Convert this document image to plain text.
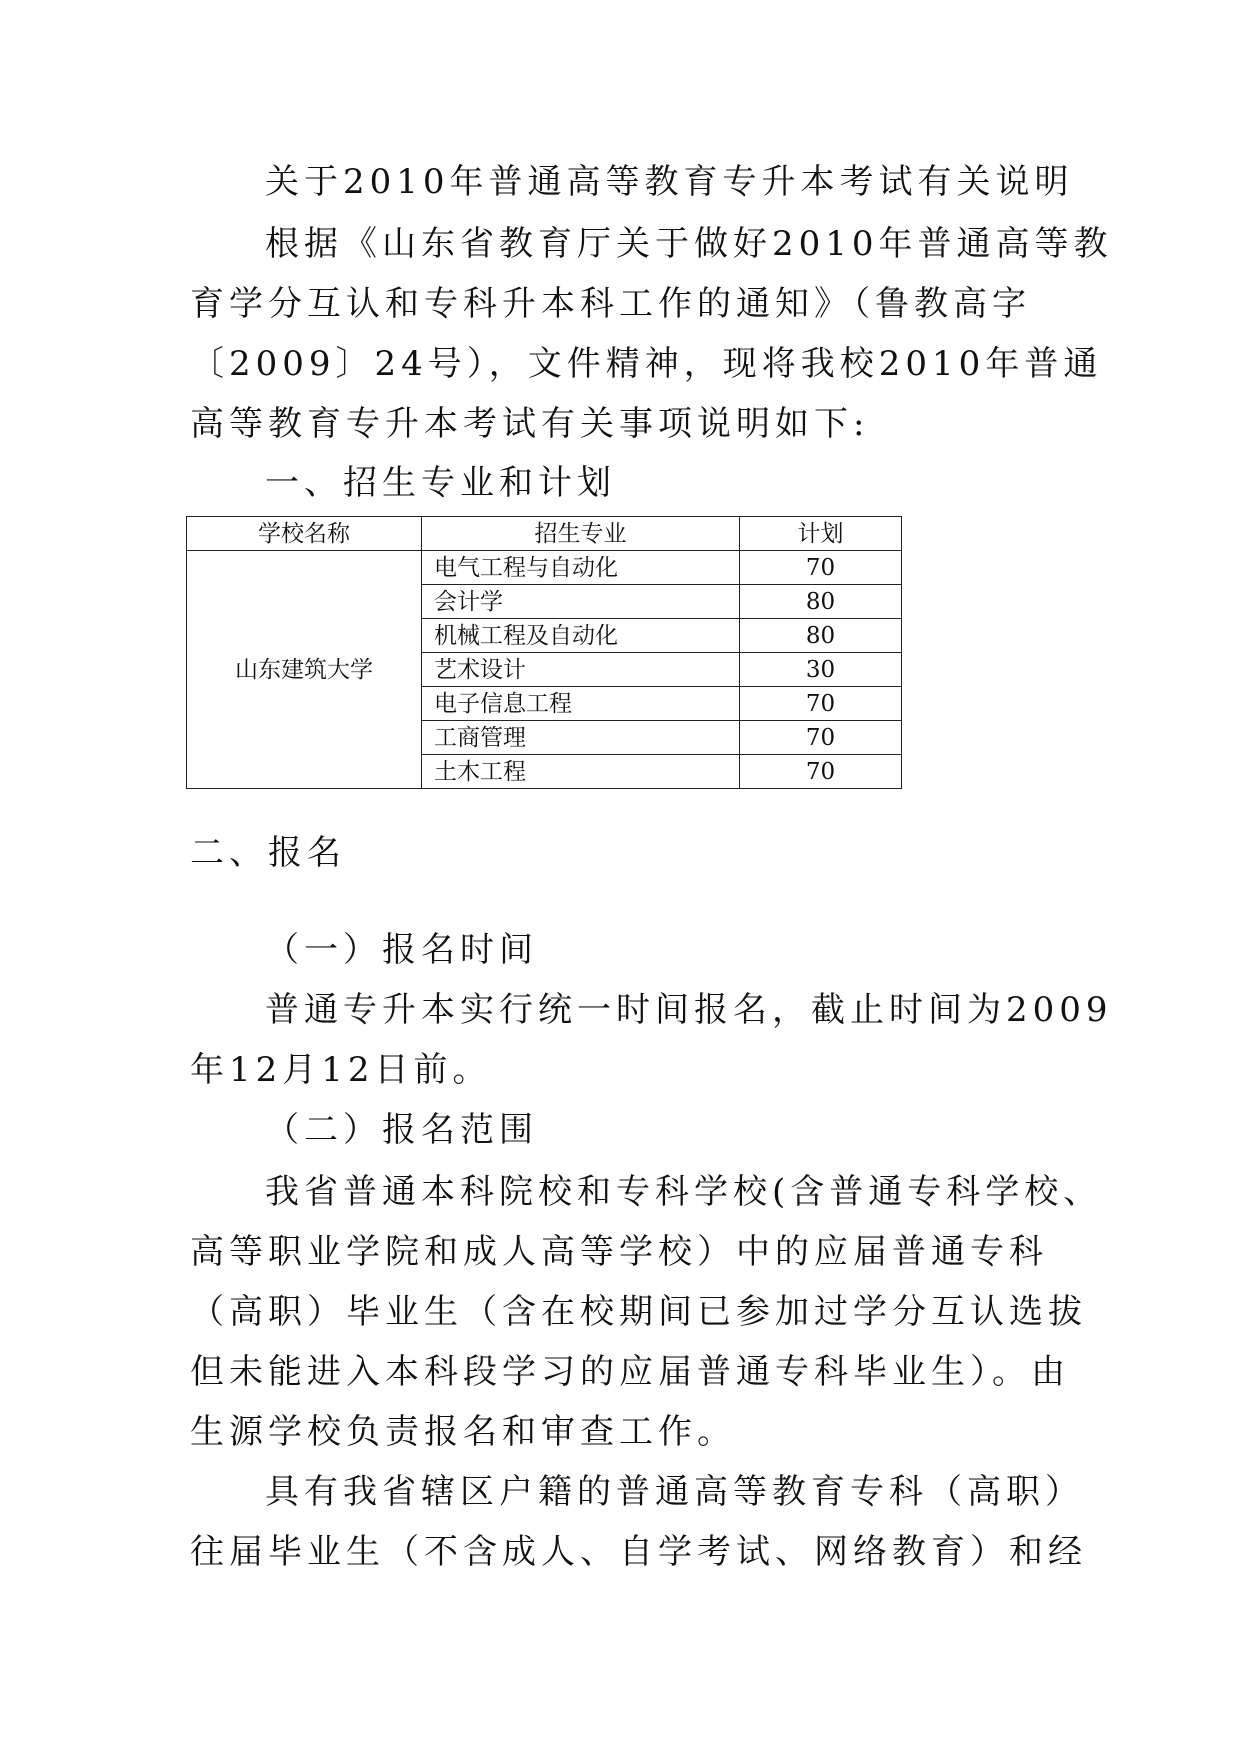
关于2010年普通高等教育专升本考试有关说明

根据《山东省教育厅关于做好2010年普通高等教

育学分互认和专科升本科工作的通知》（鲁教高字

〔2009〕24号），文件精神，现将我校2010年普通

高等教育专升本考试有关事项说明如下:

一、招生专业和计划

学校名称	招生专业	计划
山东建筑大学	电气工程与自动化	70
	会计学	80
	机械工程及自动化	80
	艺术设计	30
	电子信息工程	70
	工商管理	70
	土木工程	70

二、报名

（一）报名时间

普通专升本实行统一时间报名，截止时间为2009

年12月12日前。

（二）报名范围

我省普通本科院校和专科学校(含普通专科学校、

高等职业学院和成人高等学校）中的应届普通专科

（高职）毕业生（含在校期间已参加过学分互认选拔

但未能进入本科段学习的应届普通专科毕业生）。由

生源学校负责报名和审查工作。

具有我省辖区户籍的普通高等教育专科（高职）

往届毕业生（不含成人、自学考试、网络教育）和经
